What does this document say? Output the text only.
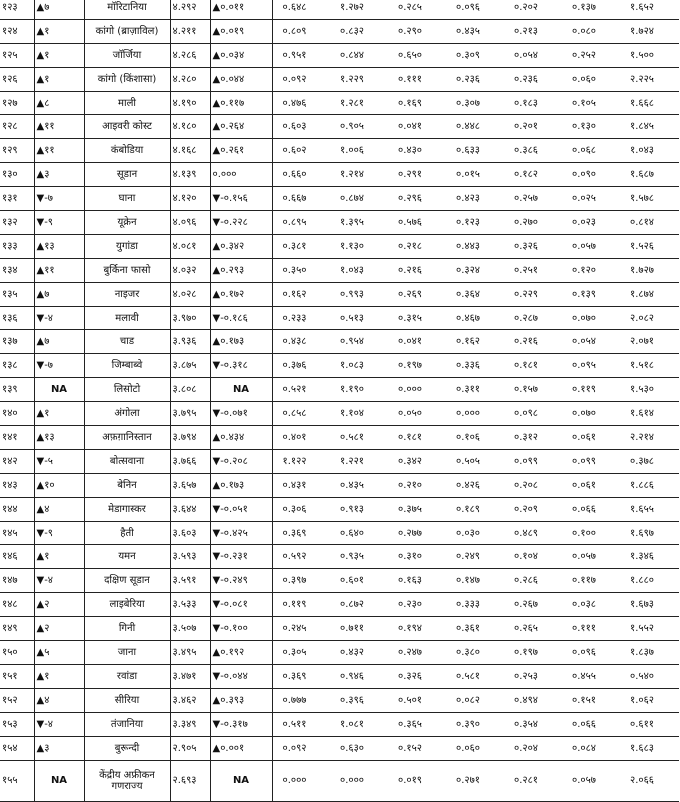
१२३	▲७	मॉरिटानिया	४.२९२	▲०.०११	०.६४८	१.२७२	०.२८५	०.०९६	०.२०२	०.१३७	१.६५२
१२४	▲१	कांगो (ब्राज़ाविल)	४.२११	▲०.०१९	०.८०९	०.८३२	०.२९०	०.४३५	०.२१३	०.०८०	१.७२४
१२५	▲१	जॉर्जिया	४.२८६	▲०.०३४	०.९५१	०.८४४	०.६५०	०.३०९	०.०५४	०.२५२	१.५००
१२६	▲१	कांगो (किंशासा)	४.२८०	▲०.०४४	०.०९२	१.२२९	०.१११	०.२३६	०.२३६	०.०६०	२.२२५
१२७	▲८	माली	४.१९०	▲०.११७	०.४७६	१.२८१	०.१६९	०.३०७	०.१८३	०.१०५	१.६६८
१२८	▲११	आइवरी कोस्ट	४.१८०	▲०.२६४	०.६०३	०.९०५	०.०४१	०.४४८	०.२०१	०.१३०	१.८४५
१२९	▲११	कंबोडिया	४.१६८	▲०.२६१	०.६०२	१.००६	०.४३०	०.६३३	०.३८६	०.०६८	१.०४३
१३०	▲३	सूडान	४.१३९	०.०००	०.६६०	१.२१४	०.२९१	०.०१५	०.१८२	०.०९०	१.६८७
१३१	▼-७	घाना	४.१२०	▼-०.१५६	०.६६७	०.८७४	०.२९६	०.४२३	०.२५७	०.०२५	१.५७८
१३२	▼-९	यूक्रेन	४.०९६	▼-०.२२८	०.८९५	१.३९५	०.५७६	०.१२३	०.२७०	०.०२३	०.८१४
१३३	▲१३	युगांडा	४.०८१	▲०.३४२	०.३८१	१.१३०	०.२१८	०.४४३	०.३२६	०.०५७	१.५२६
१३४	▲११	बुर्किना फासो	४.०३२	▲०.२९३	०.३५०	१.०४३	०.२१६	०.३२४	०.२५१	०.१२०	१.७२७
१३५	▲७	नाइजर	४.०२८	▲०.१७२	०.१६२	०.९९३	०.२६९	०.३६४	०.२२९	०.१३९	१.८७४
१३६	▼-४	मलावी	३.९७०	▼-०.१८६	०.२३३	०.५१३	०.३१५	०.४६७	०.२८७	०.०७०	२.०८२
१३७	▲७	चाड	३.९३६	▲०.१७३	०.४३८	०.९५४	०.०४१	०.१६२	०.२१६	०.०५४	२.०७१
१३८	▼-७	जिम्बाब्वे	३.८७५	▼-०.३१८	०.३७६	१.०८३	०.१९७	०.३३६	०.१८१	०.०९५	१.५१८
१३९	NA	लिसोटो	३.८०८	NA	०.५२१	१.१९०	०.०००	०.३११	०.१५७	०.११९	१.५३०
१४०	▲१	अंगोला	३.७९५	▼-०.०७१	०.८५८	१.१०४	०.०५०	०.०००	०.०९८	०.०७०	१.६१४
१४१	▲१३	अफ़ग़ानिस्तान	३.७९४	▲०.४३४	०.४०१	०.५८१	०.१८१	०.१०६	०.३१२	०.०६१	२.२१४
१४२	▼-५	बोत्सवाना	३.७६६	▼-०.२०८	१.१२२	१.२२१	०.३४२	०.५०५	०.०९९	०.०९९	०.३७८
१४३	▲१०	बेनिन	३.६५७	▲०.१७३	०.४३१	०.४३५	०.२१०	०.४२६	०.२०८	०.०६१	१.८८६
१४४	▲४	मेडागास्कर	३.६४४	▼-०.०५१	०.३०६	०.९१३	०.३७५	०.१८९	०.२०९	०.०६६	१.६५५
१४५	▼-९	हैती	३.६०३	▼-०.४२५	०.३६९	०.६४०	०.२७७	०.०३०	०.४८९	०.१००	१.६९७
१४६	▲१	यमन	३.५९३	▼-०.२३१	०.५९२	०.९३५	०.३१०	०.२४९	०.१०४	०.०५७	१.३४६
१४७	▼-४	दक्षिण सूडान	३.५९१	▼-०.२४९	०.३९७	०.६०१	०.१६३	०.१४७	०.२८६	०.११७	१.८८०
१४८	▲२	लाइबेरिया	३.५३३	▼-०.०८१	०.११९	०.८७२	०.२३०	०.३३३	०.२६७	०.०३८	१.६७३
१४९	▲२	गिनी	३.५०७	▼-०.१००	०.२४५	०.७११	०.१९४	०.३६१	०.२६५	०.१११	१.५५२
१५०	▲५	जाना	३.४९५	▲०.१९२	०.३०५	०.४३२	०.२४७	०.३८०	०.१९७	०.०९६	१.८३७
१५१	▲१	रवांडा	३.४७१	▼-०.०४४	०.३६९	०.९४६	०.३२६	०.५८१	०.२५३	०.४५५	०.५४०
१५२	▲४	सीरिया	३.४६२	▲०.३९३	०.७७७	०.३९६	०.५०१	०.०८२	०.४९४	०.१५१	१.०६२
१५३	▼-४	तंजानिया	३.३४९	▼-०.३१७	०.५११	१.०८१	०.३६५	०.३९०	०.३५४	०.०६६	०.६११
१५४	▲३	बुरून्दी	२.९०५	▲०.००१	०.०९२	०.६३०	०.१५२	०.०६०	०.२०४	०.०८४	१.६८३
१५५	NA	केंद्रीय अफ्रीकन गणराज्य	२.६९३	NA	०.०००	०.०००	०.०१९	०.२७१	०.२८१	०.०५७	२.०६६
